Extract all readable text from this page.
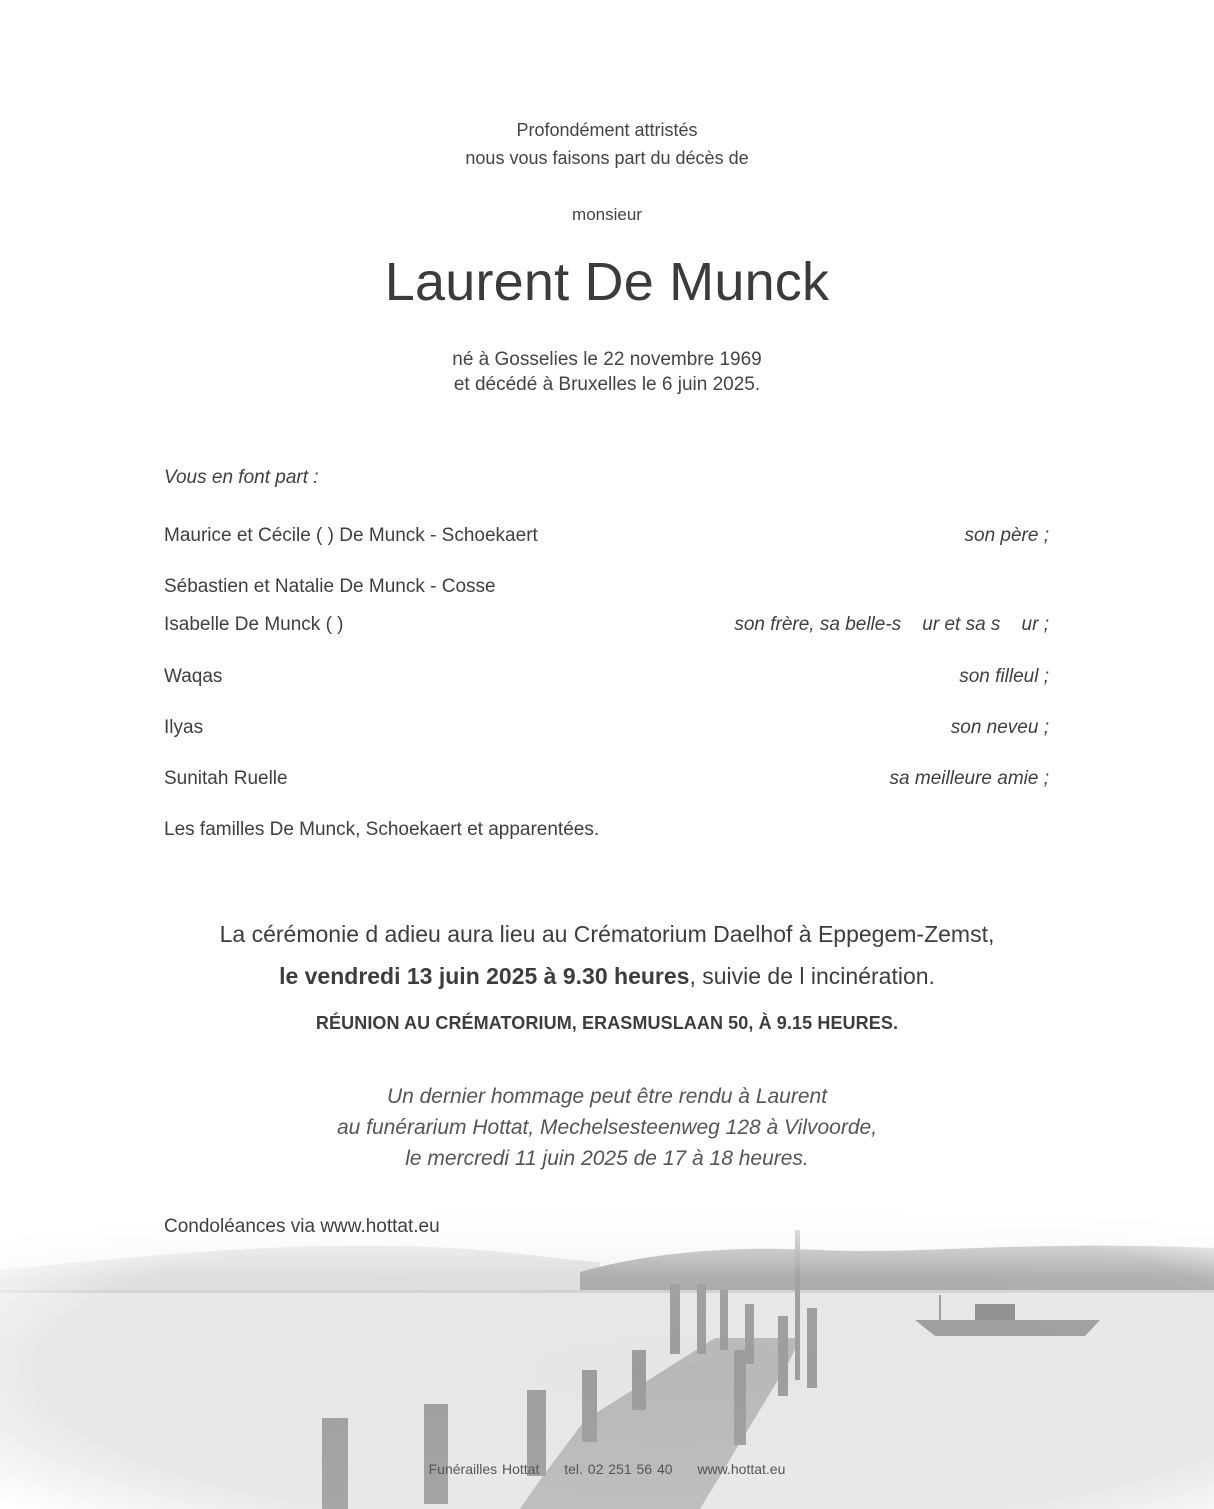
Profondément attristés
nous vous faisons part du décès de
monsieur
Laurent De Munck
né à Gosselies le 22 novembre 1969
et décédé à Bruxelles le 6 juin 2025.
Vous en font part :
Maurice et Cécile ( ) De Munck - Schoekaert	son père ;
Sébastien et Natalie De Munck - Cosse
Isabelle De Munck ( )	son frère, sa belle-s    ur et sa s    ur ;
Waqas	son filleul ;
Ilyas	son neveu ;
Sunitah Ruelle	sa meilleure amie ;
Les familles De Munck, Schoekaert et apparentées.
La cérémonie d adieu aura lieu au Crématorium Daelhof à Eppegem-Zemst,
le vendredi 13 juin 2025 à 9.30 heures, suivie de l incinération.
RÉUNION AU CRÉMATORIUM, ERASMUSLAAN 50, À 9.15 HEURES.
Un dernier hommage peut être rendu à Laurent
au funérarium Hottat, Mechelsesteenweg 128 à Vilvoorde,
le mercredi 11 juin 2025 de 17 à 18 heures.
Condoléances via www.hottat.eu
Funérailles Hottat tel. 02 251 56 40 www.hottat.eu
